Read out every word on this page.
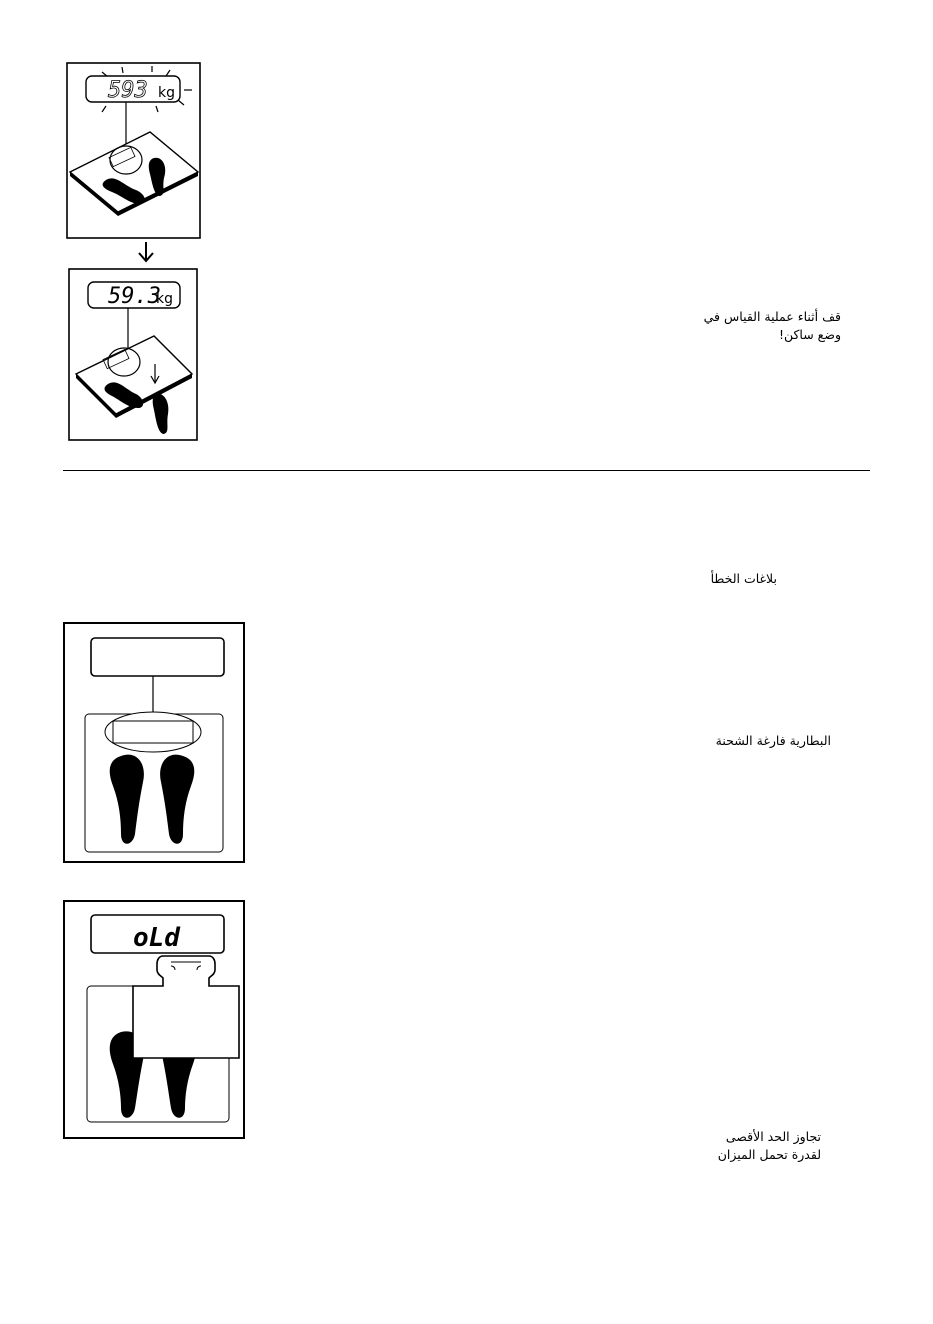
593 kg
59.3
kg
قف أثناء عملية القياس في
وضع ساكن!
بلاغات الخطأ
البطارية فارغة الشحنة
oLd
تجاوز الحد الأقصى
لقدرة تحمل الميزان
